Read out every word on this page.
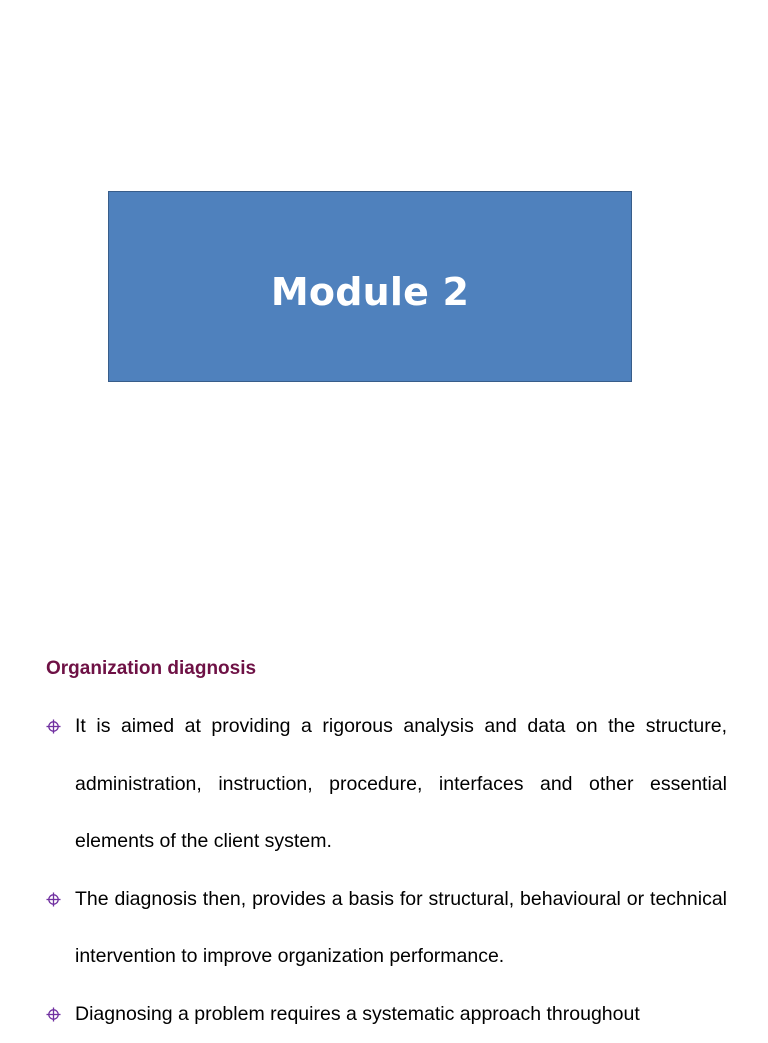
Module 2
Organization diagnosis
It is aimed at providing a rigorous analysis and data on the structure, administration, instruction, procedure, interfaces and other essential elements of the client system.
The diagnosis then, provides a basis for structural, behavioural or technical intervention to improve organization performance.
Diagnosing a problem requires a systematic approach throughout
